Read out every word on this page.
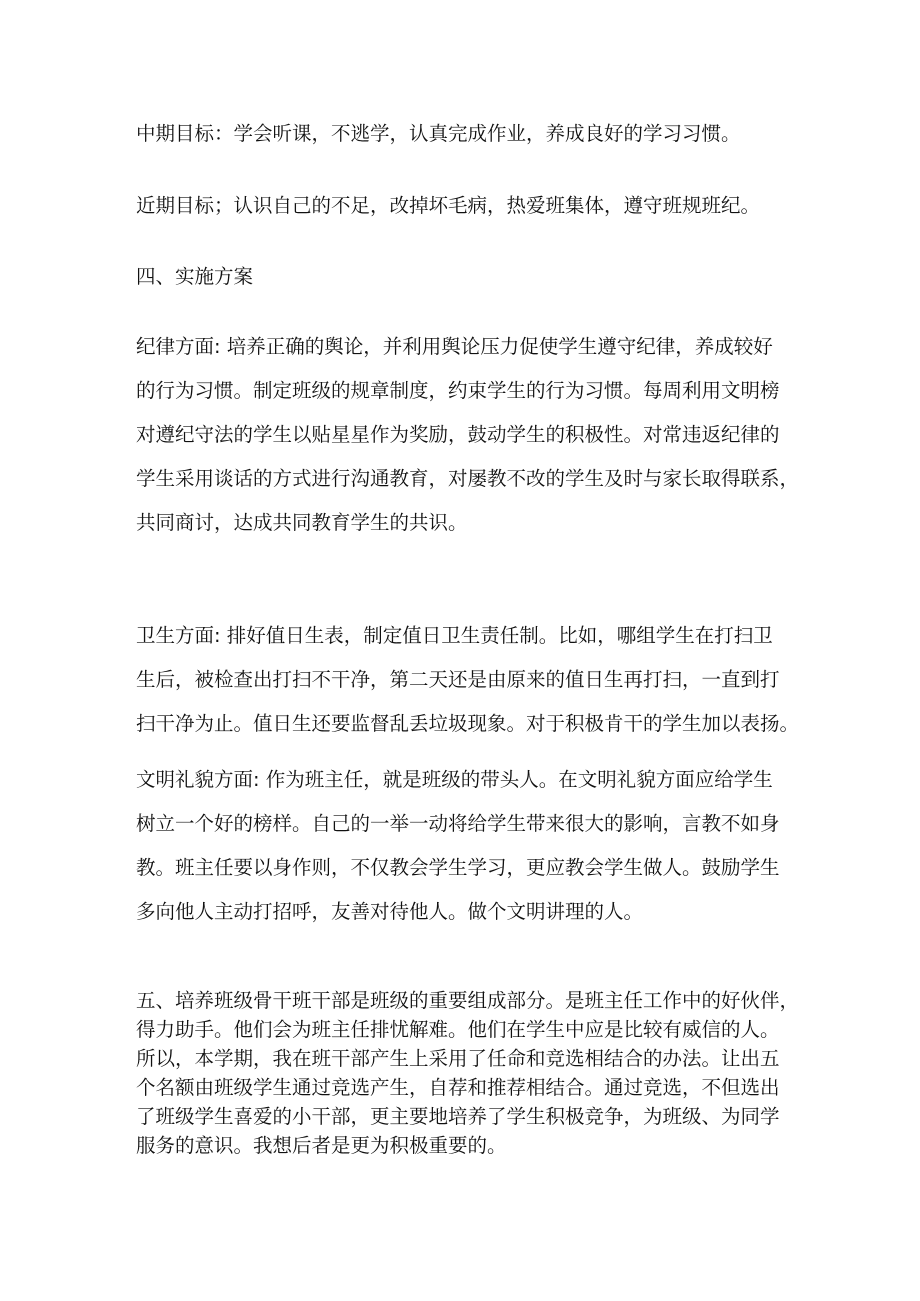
中期目标：学会听课，不逃学，认真完成作业，养成良好的学习习惯。

近期目标；认识自己的不足，改掉坏毛病，热爱班集体，遵守班规班纪。

四、实施方案

纪律方面: 培养正确的舆论，并利用舆论压力促使学生遵守纪律，养成较好
的行为习惯。制定班级的规章制度，约束学生的行为习惯。每周利用文明榜
对遵纪守法的学生以贴星星作为奖励，鼓动学生的积极性。对常违返纪律的
学生采用谈话的方式进行沟通教育，对屡教不改的学生及时与家长取得联系，
共同商讨，达成共同教育学生的共识。

卫生方面: 排好值日生表，制定值日卫生责任制。比如，哪组学生在打扫卫
生后，被检查出打扫不干净，第二天还是由原来的值日生再打扫，一直到打
扫干净为止。值日生还要监督乱丢垃圾现象。对于积极肯干的学生加以表扬。

文明礼貌方面: 作为班主任，就是班级的带头人。在文明礼貌方面应给学生
树立一个好的榜样。自己的一举一动将给学生带来很大的影响，言教不如身
教。班主任要以身作则，不仅教会学生学习，更应教会学生做人。鼓励学生
多向他人主动打招呼，友善对待他人。做个文明讲理的人。

五、培养班级骨干班干部是班级的重要组成部分。是班主任工作中的好伙伴，
得力助手。他们会为班主任排忧解难。他们在学生中应是比较有威信的人。
所以，本学期，我在班干部产生上采用了任命和竞选相结合的办法。让出五
个名额由班级学生通过竞选产生，自荐和推荐相结合。通过竞选，不但选出
了班级学生喜爱的小干部，更主要地培养了学生积极竞争，为班级、为同学
服务的意识。我想后者是更为积极重要的。
